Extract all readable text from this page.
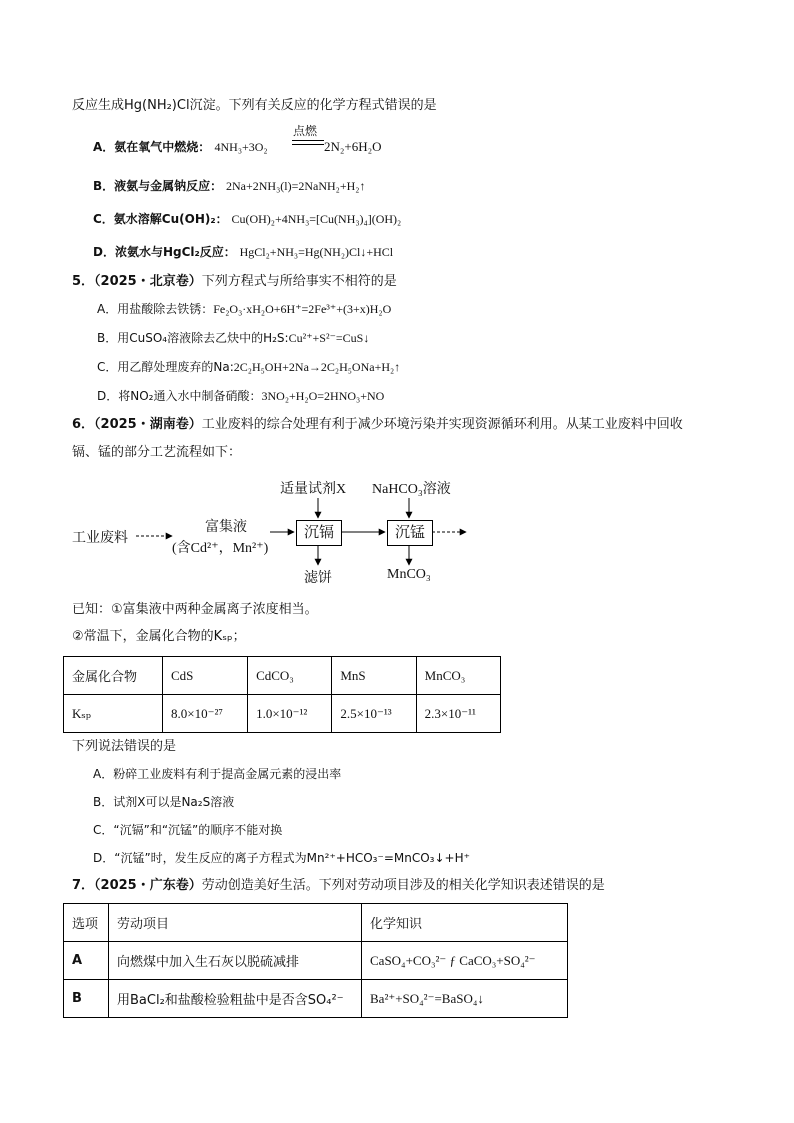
反应生成Hg(NH₂)Cl沉淀。下列有关反应的化学方程式错误的是
A．氨在氧气中燃烧： 4NH₃+3O₂
点燃
2N₂+6H₂O
B．液氨与金属钠反应： 2Na+2NH₃(l)=2NaNH₂+H₂↑
C．氨水溶解Cu(OH)₂： Cu(OH)₂+4NH₃=[Cu(NH₃)₄](OH)₂
D．浓氨水与HgCl₂反应： HgCl₂+NH₃=Hg(NH₂)Cl↓+HCl
5．（2025・北京卷）下列方程式与所给事实不相符的是
A．用盐酸除去铁锈：Fe₂O₃·xH₂O+6H⁺=2Fe³⁺+(3+x)H₂O
B．用CuSO₄溶液除去乙炔中的H₂S:Cu²⁺+S²⁻=CuS↓
C．用乙醇处理废弃的Na:2C₂H₅OH+2Na→2C₂H₅ONa+H₂↑
D．将NO₂通入水中制备硝酸：3NO₂+H₂O=2HNO₃+NO
6．（2025・湖南卷）工业废料的综合处理有利于减少环境污染并实现资源循环利用。从某工业废料中回收
镉、锰的部分工艺流程如下：
适量试剂X NaHCO₃溶液
工业废料
富集液
(含Cd²⁺，Mn²⁺)
沉镉	沉锰
滤饼	MnCO₃
已知：①富集液中两种金属离子浓度相当。
②常温下，金属化合物的Kₛₚ；
金属化合物	CdS	CdCO₃	MnS	MnCO₃
Kₛₚ	8.0×10⁻²⁷	1.0×10⁻¹²	2.5×10⁻¹³	2.3×10⁻¹¹
下列说法错误的是
A．粉碎工业废料有利于提高金属元素的浸出率
B．试剂X可以是Na₂S溶液
C．“沉镉”和“沉锰”的顺序不能对换
D．“沉锰”时，发生反应的离子方程式为Mn²⁺+HCO₃⁻=MnCO₃↓+H⁺
7．（2025・广东卷）劳动创造美好生活。下列对劳动项目涉及的相关化学知识表述错误的是
选项	劳动项目	化学知识
A	向燃煤中加入生石灰以脱硫减排	CaSO₄+CO₃²⁻ ƒ CaCO₃+SO₄²⁻
B	用BaCl₂和盐酸检验粗盐中是否含SO₄²⁻	Ba²⁺+SO₄²⁻=BaSO₄↓
